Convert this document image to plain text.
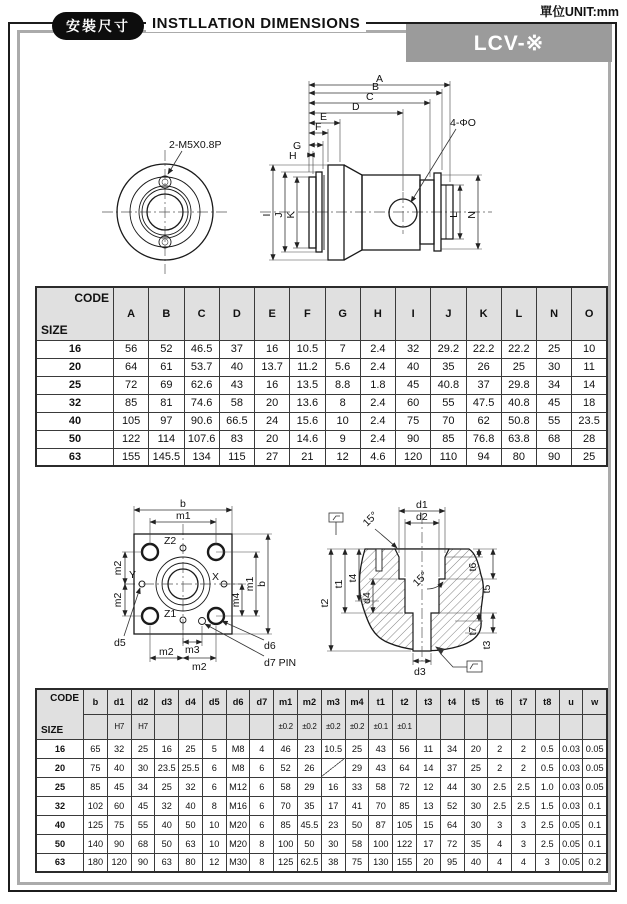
單位UNIT:mm
安裝尺寸	INSTLLATION DIMENSIONS
LCV-※
2-M5X0.8P
A
B
C
D
E
F
G
H
I J K	L N
4-ΦO
CODE
SIZE	A	B	C	D	E	F	G	H	I	J	K	L	N	O
16	56	52	46.5	37	16	10.5	7	2.4	32	29.2	22.2	22.2	25	10
20	64	61	53.7	40	13.7	11.2	5.6	2.4	40	35	26	25	30	11
25	72	69	62.6	43	16	13.5	8.8	1.8	45	40.8	37	29.8	34	14
32	85	81	74.6	58	20	13.6	8	2.4	60	55	47.5	40.8	45	18
40	105	97	90.6	66.5	24	15.6	10	2.4	75	70	62	50.8	55	23.5
50	122	114	107.6	83	20	14.6	9	2.4	90	85	76.8	63.8	68	28
63	155	145.5	134	115	27	21	12	4.6	120	110	94	80	90	25
Z2
Z1
X
Y
b
m1
m2
m2	m4
m1 b
m3
m2
m2
d5	d6
d7 PIN
d1
d2
15°
15°
t2
t1
t4
d4
t6
t5
t7
t3
d3
CODE
SIZE	b	d1	d2	d3	d4	d5	d6	d7	m1	m2	m3	m4	t1	t2	t3	t4	t5	t6	t7	t8	u	w
		H7	H7						±0.2	±0.2	±0.2	±0.2	±0.1	±0.1								
16	65	32	25	16	25	5	M8	4	46	23	10.5	25	43	56	11	34	20	2	2	0.5	0.03	0.05
20	75	40	30	23.5	25.5	6	M8	6	52	26		29	43	64	14	37	25	2	2	0.5	0.03	0.05
25	85	45	34	25	32	6	M12	6	58	29	16	33	58	72	12	44	30	2.5	2.5	1.0	0.03	0.05
32	102	60	45	32	40	8	M16	6	70	35	17	41	70	85	13	52	30	2.5	2.5	1.5	0.03	0.1
40	125	75	55	40	50	10	M20	6	85	45.5	23	50	87	105	15	64	30	3	3	2.5	0.05	0.1
50	140	90	68	50	63	10	M20	8	100	50	30	58	100	122	17	72	35	4	3	2.5	0.05	0.1
63	180	120	90	63	80	12	M30	8	125	62.5	38	75	130	155	20	95	40	4	4	3	0.05	0.2
